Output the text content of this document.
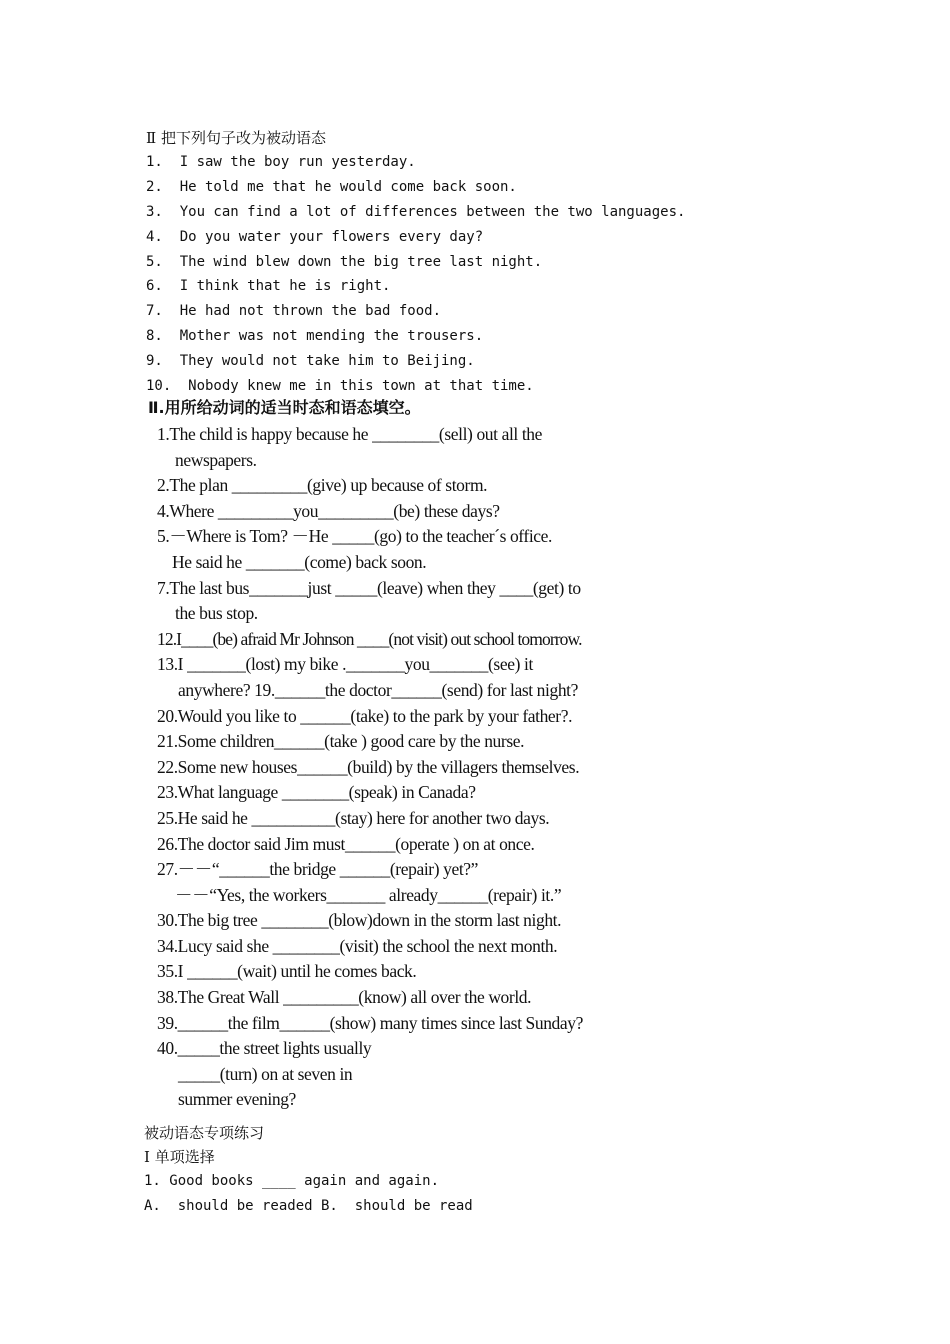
Ⅱ 把下列句子改为被动语态
1.  I saw the boy run yesterday.
2.  He told me that he would come back soon.
3.  You can find a lot of differences between the two languages.
4.  Do you water your flowers every day?
5.  The wind blew down the big tree last night.
6.  I think that he is right.
7.  He had not thrown the bad food.
8.  Mother was not mending the trousers.
9.  They would not take him to Beijing.
10.  Nobody knew me in this town at that time.
Ⅱ.用所给动词的适当时态和语态填空。
1.The child is happy because he ________(sell) out all the
newspapers.
2.The plan _________(give) up because of storm.
4.Where _________you_________(be) these days?
5.－Where is Tom? －He _____(go) to the teacher´s office.
He said he _______(come) back soon.
7.The last bus_______just _____(leave) when they ____(get) to
the bus stop.
12.I____(be) afraid Mr Johnson ____(not visit) out school tomorrow.
13.I _______(lost) my bike ._______you_______(see) it
anywhere? 19.______the doctor______(send) for last night?
20.Would you like to ______(take) to the park by your father?.
21.Some children______(take ) good care by the nurse.
22.Some new houses______(build) by the villagers themselves.
23.What language ________(speak) in Canada?
25.He said he __________(stay) here for another two days.
26.The doctor said Jim must______(operate ) on at once.
27.－－“______the bridge ______(repair) yet?”
－－“Yes, the workers_______ already______(repair) it.”
30.The big tree ________(blow)down in the storm last night.
34.Lucy said she ________(visit) the school the next month.
35.I ______(wait) until he comes back.
38.The Great Wall _________(know) all over the world.
39.______the film______(show) many times since last Sunday?
40._____the street lights usually
_____(turn) on at seven in
summer evening?
被动语态专项练习
Ⅰ 单项选择
1. Good books ____ again and again.
A.  should be readed B.  should be read
